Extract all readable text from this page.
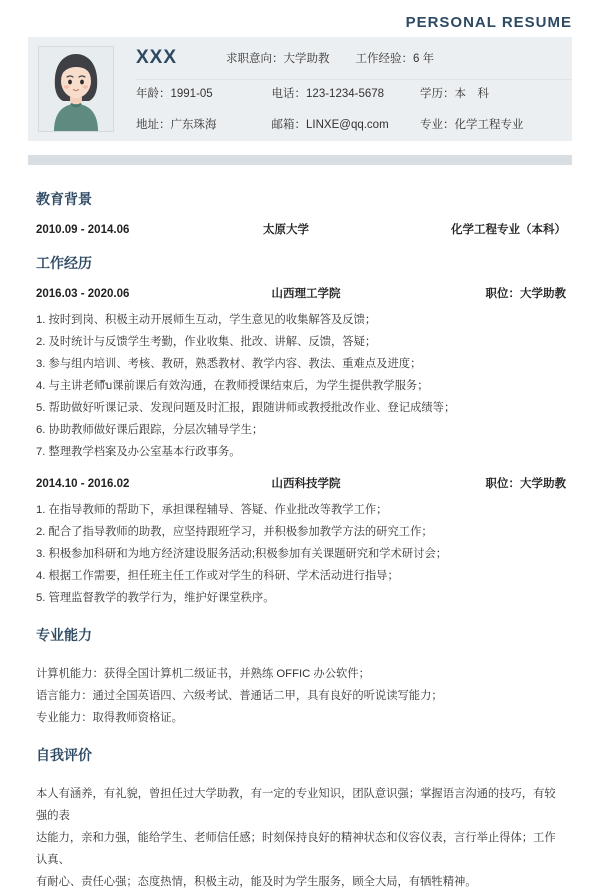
PERSONAL RESUME
XXX	求职意向：大学助教 工作经验：6 年
年龄：1991-05	电话：123-1234-5678	学历：本　科
地址：广东珠海	邮箱：LINXE@qq.com	专业：化学工程专业
教育背景
2010.09 - 2014.06	太原大学	化学工程专业（本科）
工作经历
2016.03 - 2020.06	山西理工学院	职位：大学助教
1. 按时到岗、积极主动开展师生互动，学生意见的收集解答及反馈；
2. 及时统计与反馈学生考勤，作业收集、批改、讲解、反馈，答疑；
3. 参与组内培训、考核、教研，熟悉教材、教学内容、教法、重难点及进度；
4. 与主讲老师ับ课前课后有效沟通，在教师授课结束后，为学生提供教学服务；
5. 帮助做好听课记录、发现问题及时汇报，跟随讲师或教授批改作业、登记成绩等；
6. 协助教师做好课后跟踪，分层次辅导学生；
7. 整理教学档案及办公室基本行政事务。
2014.10 - 2016.02	山西科技学院	职位：大学助教
1. 在指导教师的帮助下，承担课程辅导、答疑、作业批改等教学工作；
2. 配合了指导教师的助教，应坚持跟班学习，并积极参加教学方法的研究工作；
3. 积极参加科研和为地方经济建设服务活动;积极参加有关课题研究和学术研讨会；
4. 根据工作需要，担任班主任工作或对学生的科研、学术活动进行指导；
5. 管理监督教学的教学行为，维护好课堂秩序。
专业能力
计算机能力：获得全国计算机二级证书，并熟练 OFFIC 办公软件；
语言能力：通过全国英语四、六级考试、普通话二甲，具有良好的听说读写能力；
专业能力：取得教师资格证。
自我评价
本人有涵养，有礼貌，曾担任过大学助教，有一定的专业知识，团队意识强；掌握语言沟通的技巧，有较强的表
达能力，亲和力强，能给学生、老师信任感；时刻保持良好的精神状态和仪容仪表，言行举止得体；工作认真、
有耐心、责任心强；态度热情，积极主动，能及时为学生服务，顾全大局，有牺牲精神。
